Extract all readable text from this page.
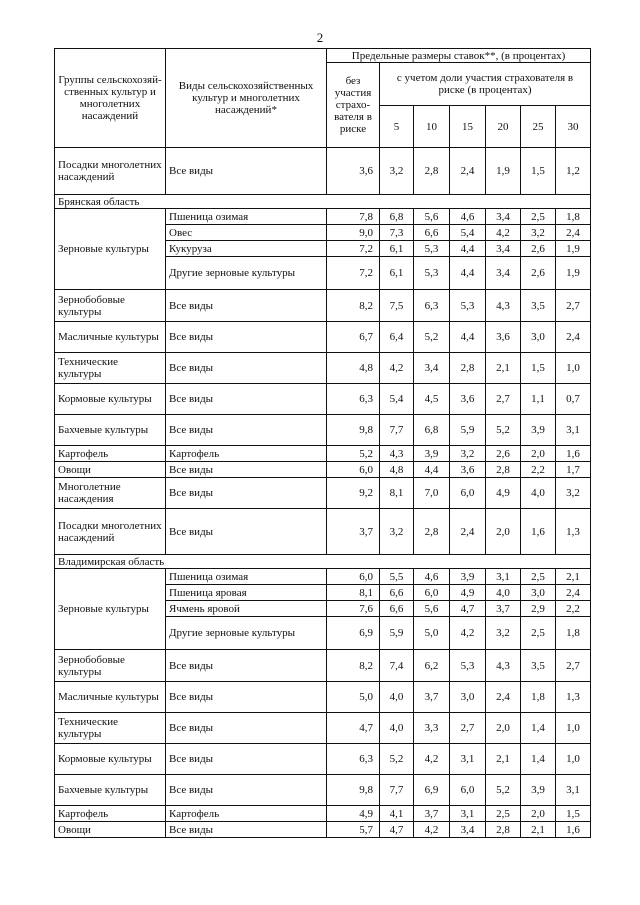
2
Группы сельскохозяй-ственных культур и многолетних насаждений	Виды сельскохозяйственных культур и многолетних насаждений*	Предельные размеры ставок**, (в процентах)						
		без участия страхо-вателя в риске	с учетом доли участия страхователя в риске (в процентах)					
			5	10	15	20	25	30
Посадки многолетних насаждений	Все виды	3,6	3,2	2,8	2,4	1,9	1,5	1,2
Брянская область								
Зерновые культуры	Пшеница озимая	7,8	6,8	5,6	4,6	3,4	2,5	1,8
	Овес	9,0	7,3	6,6	5,4	4,2	3,2	2,4
	Кукуруза	7,2	6,1	5,3	4,4	3,4	2,6	1,9
	Другие зерновые культуры	7,2	6,1	5,3	4,4	3,4	2,6	1,9
Зернобобовые культуры	Все виды	8,2	7,5	6,3	5,3	4,3	3,5	2,7
Масличные культуры	Все виды	6,7	6,4	5,2	4,4	3,6	3,0	2,4
Технические культуры	Все виды	4,8	4,2	3,4	2,8	2,1	1,5	1,0
Кормовые культуры	Все виды	6,3	5,4	4,5	3,6	2,7	1,1	0,7
Бахчевые культуры	Все виды	9,8	7,7	6,8	5,9	5,2	3,9	3,1
Картофель	Картофель	5,2	4,3	3,9	3,2	2,6	2,0	1,6
Овощи	Все виды	6,0	4,8	4,4	3,6	2,8	2,2	1,7
Многолетние насаждения	Все виды	9,2	8,1	7,0	6,0	4,9	4,0	3,2
Посадки многолетних насаждений	Все виды	3,7	3,2	2,8	2,4	2,0	1,6	1,3
Владимирская область								
Зерновые культуры	Пшеница озимая	6,0	5,5	4,6	3,9	3,1	2,5	2,1
	Пшеница яровая	8,1	6,6	6,0	4,9	4,0	3,0	2,4
	Ячмень яровой	7,6	6,6	5,6	4,7	3,7	2,9	2,2
	Другие зерновые культуры	6,9	5,9	5,0	4,2	3,2	2,5	1,8
Зернобобовые культуры	Все виды	8,2	7,4	6,2	5,3	4,3	3,5	2,7
Масличные культуры	Все виды	5,0	4,0	3,7	3,0	2,4	1,8	1,3
Технические культуры	Все виды	4,7	4,0	3,3	2,7	2,0	1,4	1,0
Кормовые культуры	Все виды	6,3	5,2	4,2	3,1	2,1	1,4	1,0
Бахчевые культуры	Все виды	9,8	7,7	6,9	6,0	5,2	3,9	3,1
Картофель	Картофель	4,9	4,1	3,7	3,1	2,5	2,0	1,5
Овощи	Все виды	5,7	4,7	4,2	3,4	2,8	2,1	1,6
